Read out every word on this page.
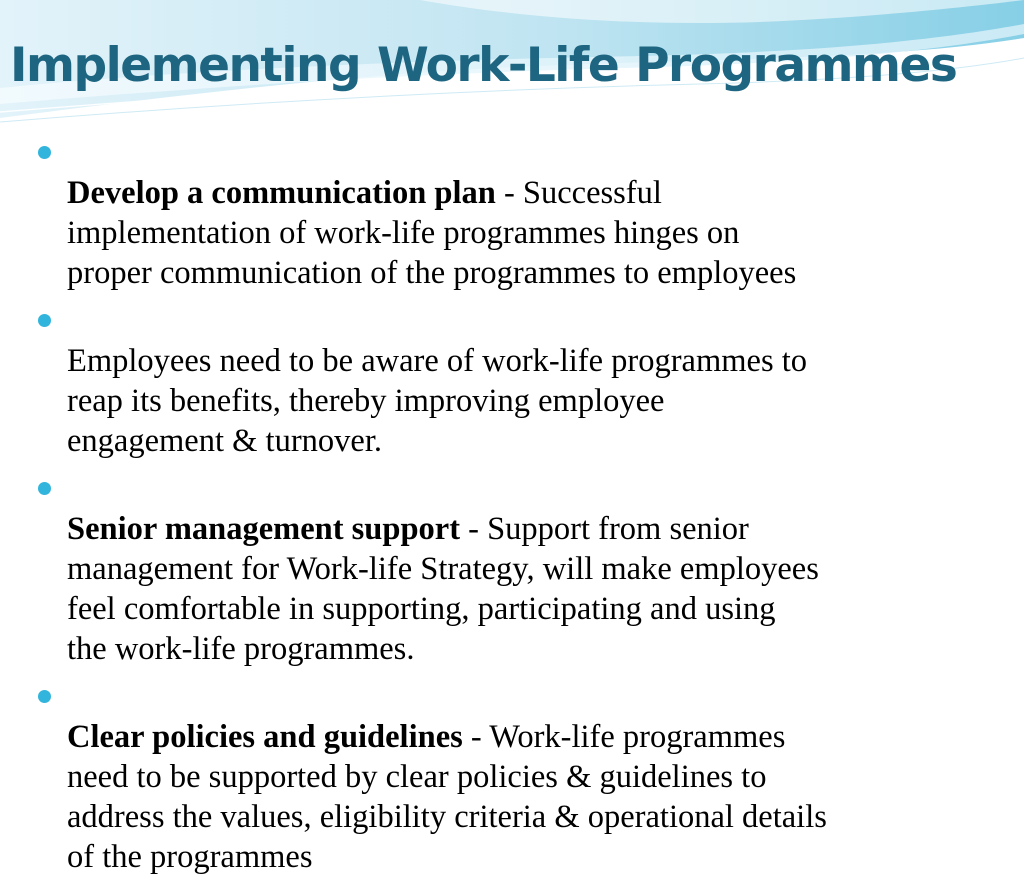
Implementing Work-Life Programmes

Develop a communication plan - Successful
implementation of work-life programmes hinges on
proper communication of the programmes to employees

Employees need to be aware of work-life programmes to
reap its benefits, thereby improving employee
engagement & turnover.

Senior management support - Support from senior
management for Work-life Strategy, will make employees
feel comfortable in supporting, participating and using
the work-life programmes.

Clear policies and guidelines - Work-life programmes
need to be supported by clear policies & guidelines to
address the values, eligibility criteria & operational details
of the programmes
